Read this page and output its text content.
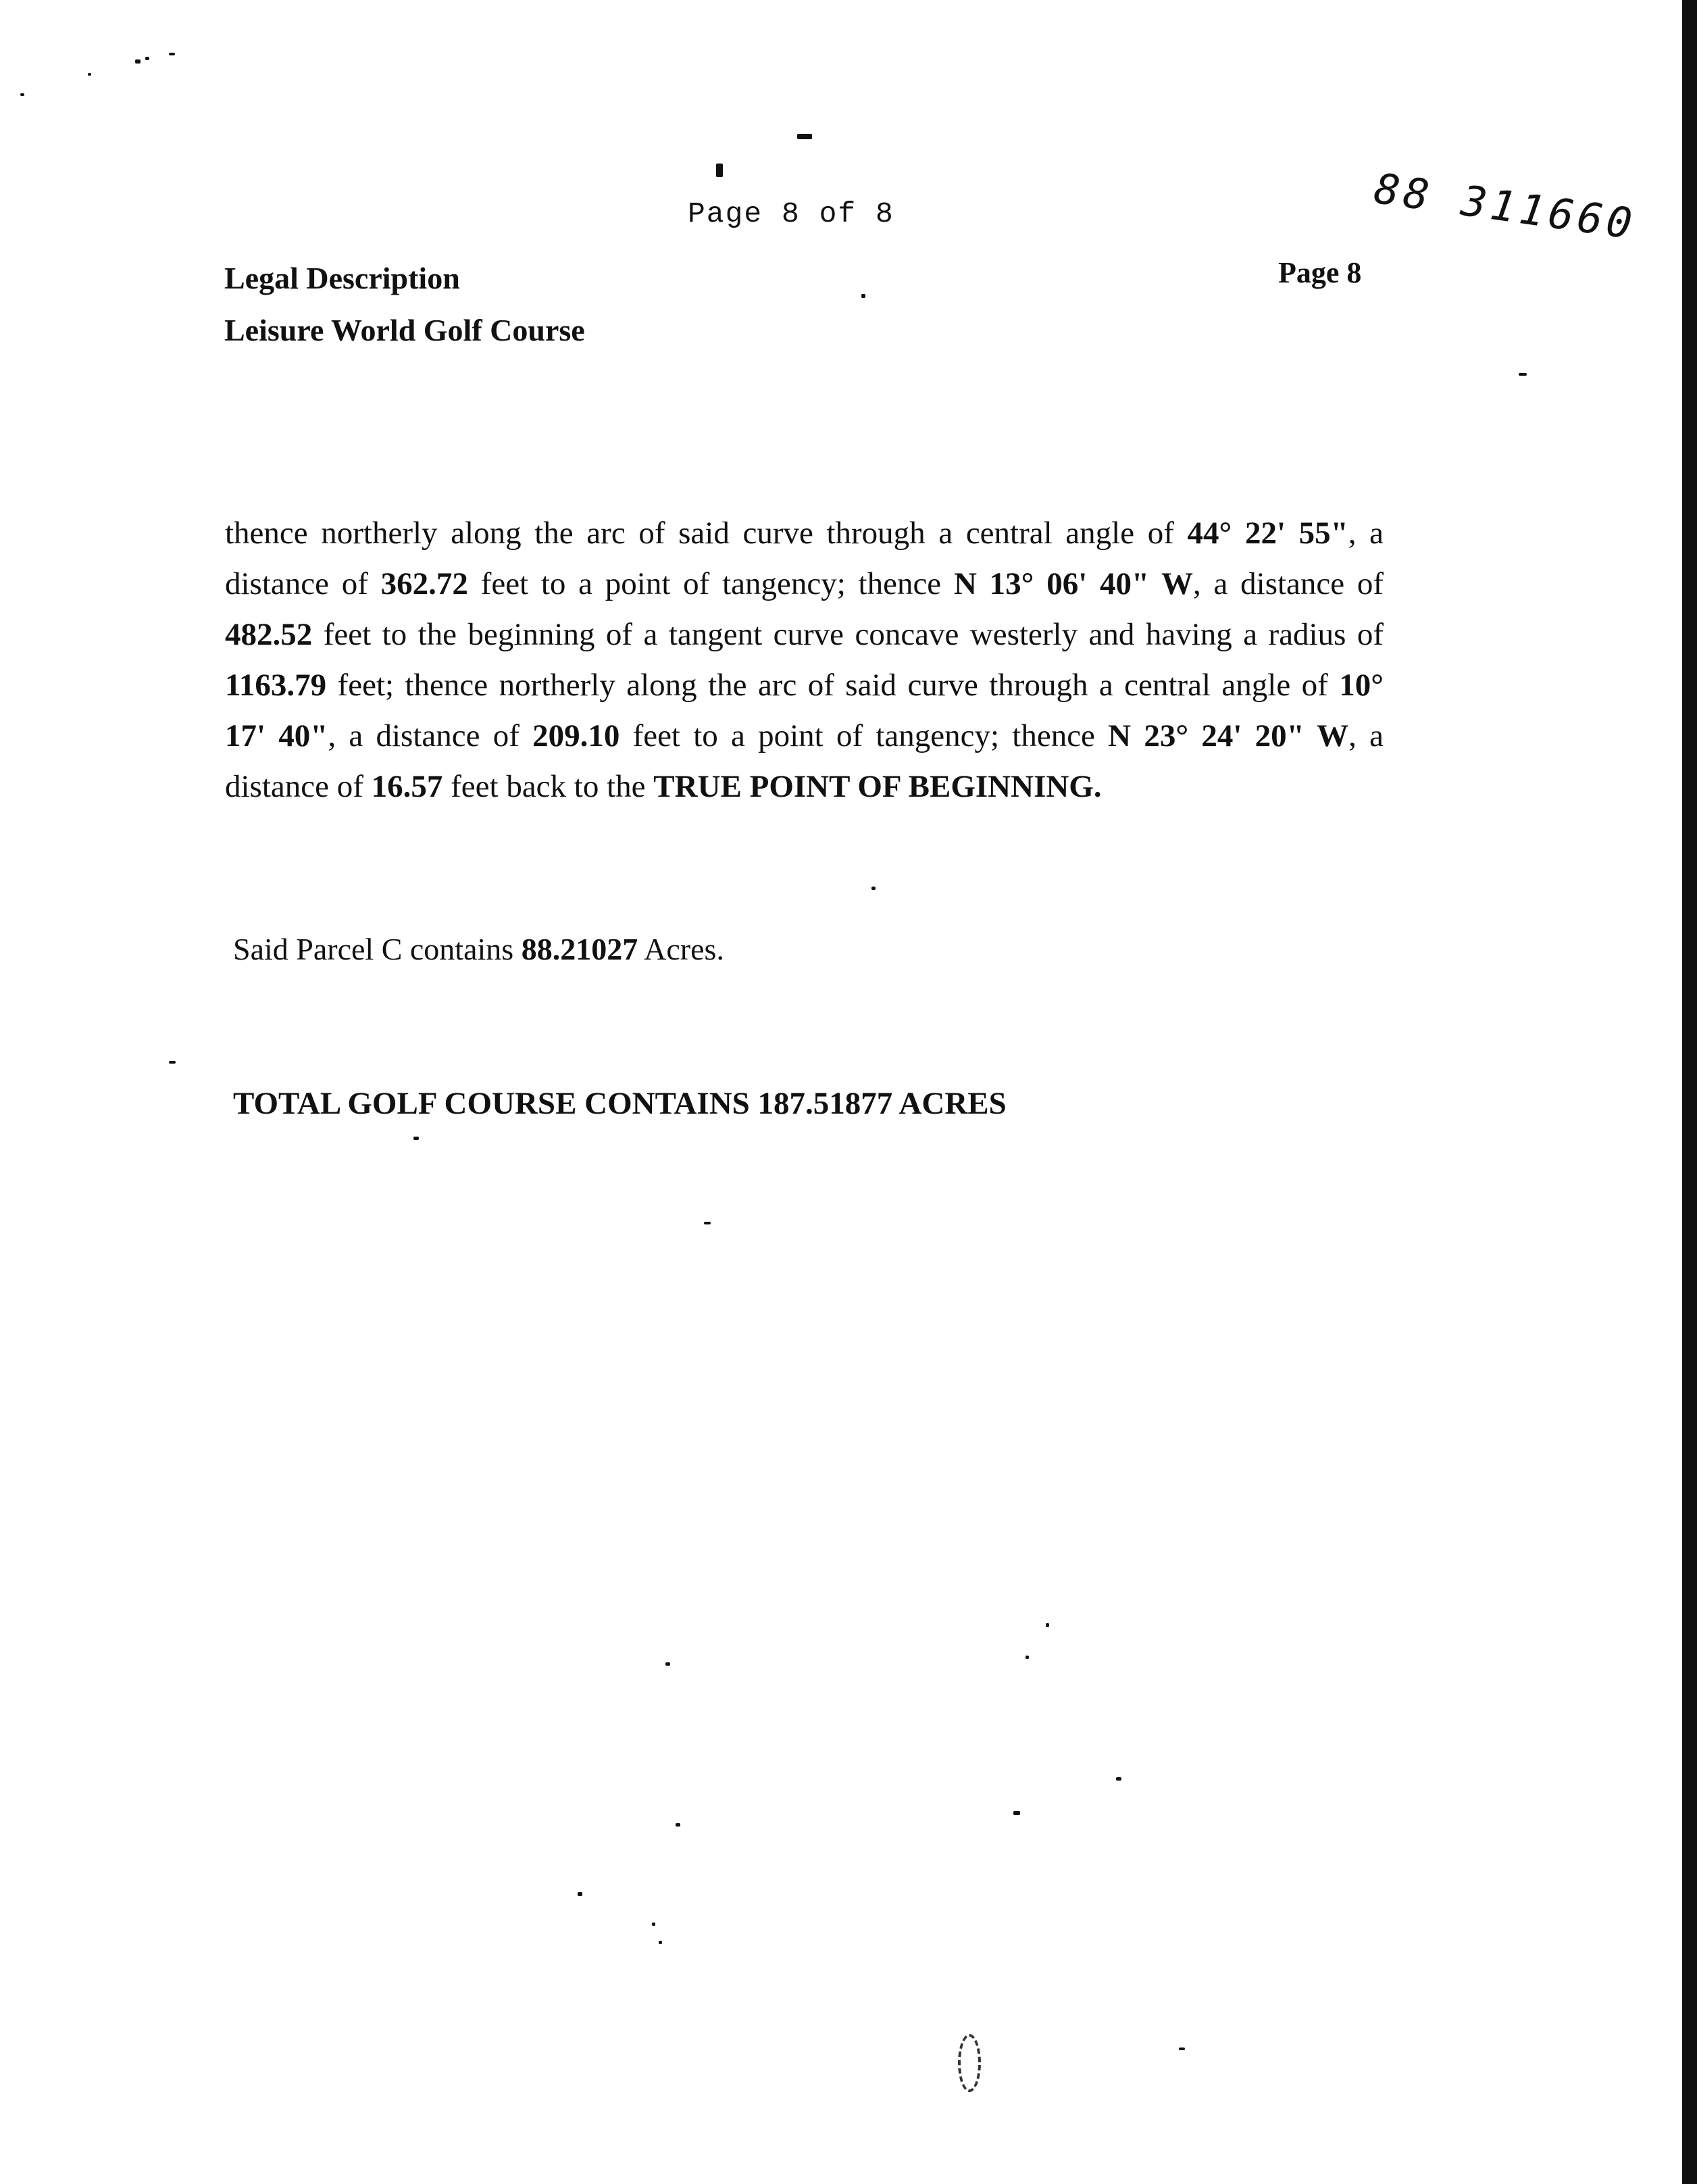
Page 8 of 8	88 311660
Page 8
Legal Description
Leisure World Golf Course
thence northerly along the arc of said curve through a central angle of 44° 22' 55", a distance of 362.72 feet to a point of tangency; thence N 13° 06' 40" W, a distance of 482.52 feet to the beginning of a tangent curve concave westerly and having a radius of 1163.79 feet; thence northerly along the arc of said curve through a central angle of 10° 17' 40", a distance of 209.10 feet to a point of tangency; thence N 23° 24' 20" W, a distance of 16.57 feet back to the TRUE POINT OF BEGINNING.
Said Parcel C contains 88.21027 Acres.
TOTAL GOLF COURSE CONTAINS 187.51877 ACRES
